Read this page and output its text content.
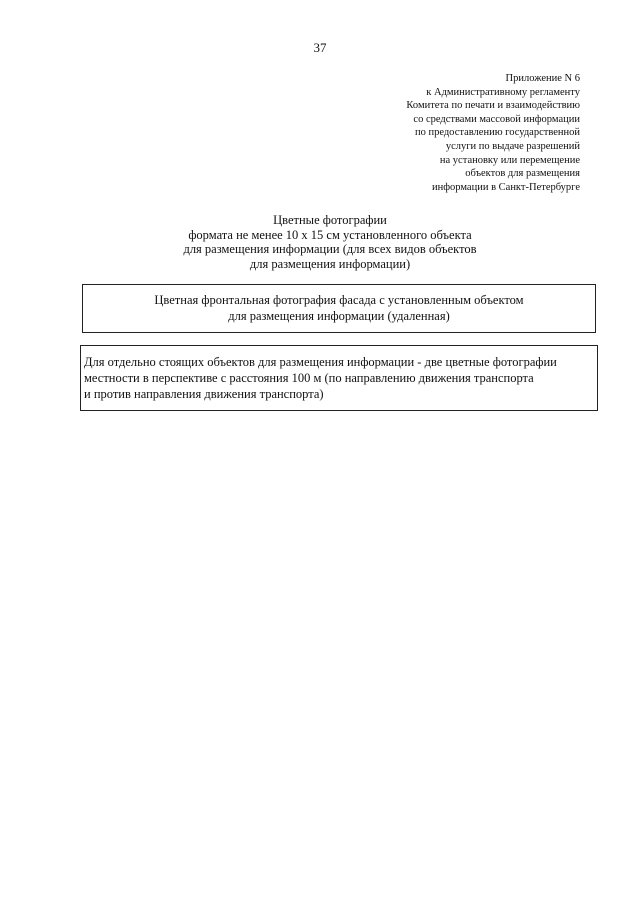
37
Приложение N 6
к Административному регламенту
Комитета по печати и взаимодействию
со средствами массовой информации
по предоставлению государственной
услуги по выдаче разрешений
на установку или перемещение
объектов для размещения
информации в Санкт-Петербурге
Цветные фотографии
формата не менее 10 x 15 см установленного объекта
для размещения информации (для всех видов объектов
для размещения информации)
Цветная фронтальная фотография фасада с установленным объектом
для размещения информации (удаленная)
Для отдельно стоящих объектов для размещения информации - две цветные фотографии
местности в перспективе с расстояния 100 м (по направлению движения транспорта
и против направления движения транспорта)
